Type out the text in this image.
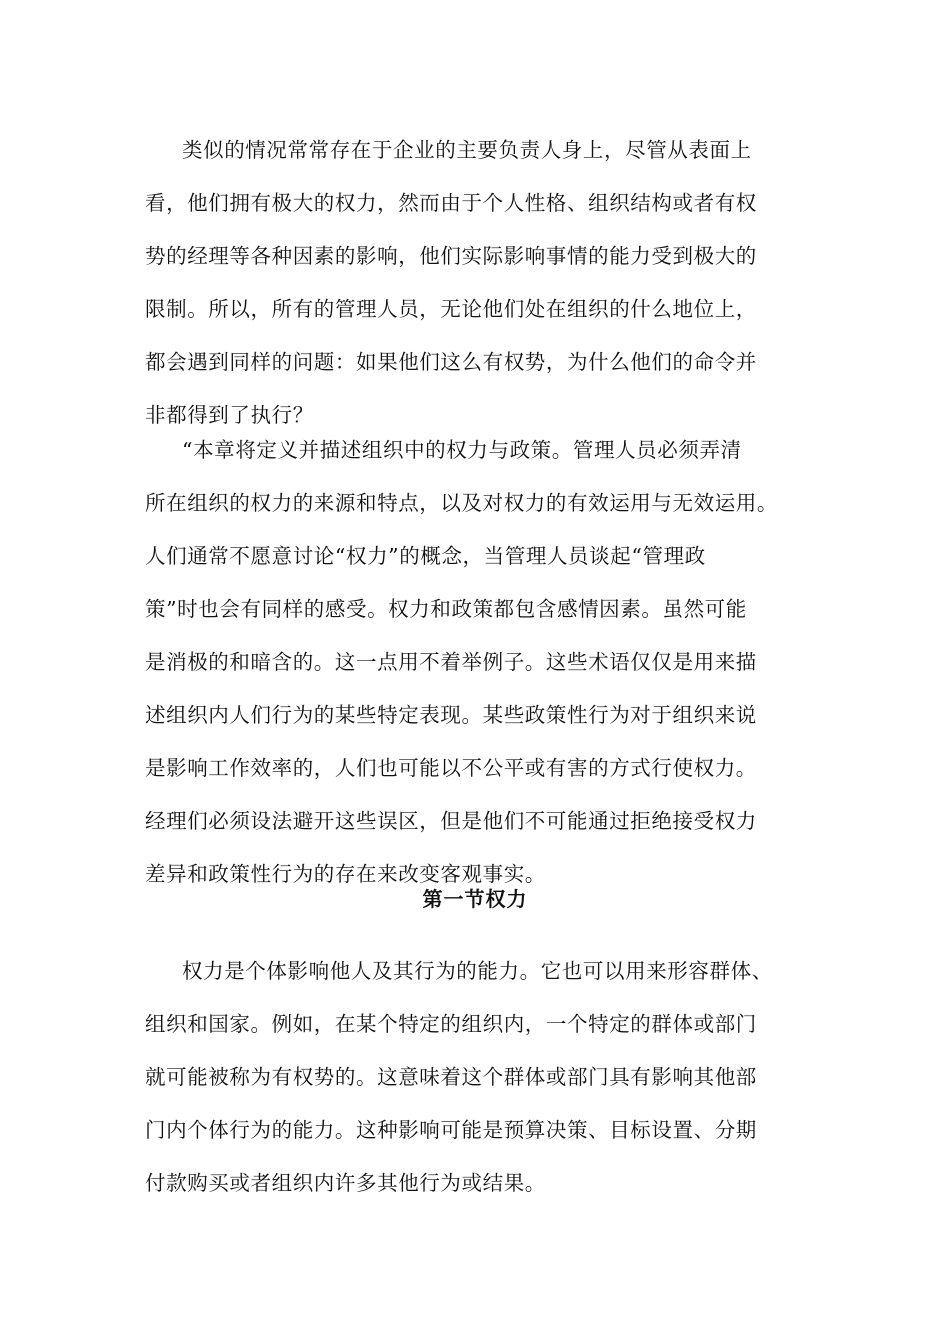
类似的情况常常存在于企业的主要负责人身上，尽管从表面上
看，他们拥有极大的权力，然而由于个人性格、组织结构或者有权
势的经理等各种因素的影响，他们实际影响事情的能力受到极大的
限制。所以，所有的管理人员，无论他们处在组织的什么地位上，
都会遇到同样的问题：如果他们这么有权势，为什么他们的命令并
非都得到了执行？
“本章将定义并描述组织中的权力与政策。管理人员必须弄清
所在组织的权力的来源和特点，以及对权力的有效运用与无效运用。
人们通常不愿意讨论“权力”的概念，当管理人员谈起“管理政
策”时也会有同样的感受。权力和政策都包含感情因素。虽然可能
是消极的和暗含的。这一点用不着举例子。这些术语仅仅是用来描
述组织内人们行为的某些特定表现。某些政策性行为对于组织来说
是影响工作效率的，人们也可能以不公平或有害的方式行使权力。
经理们必须设法避开这些误区，但是他们不可能通过拒绝接受权力
差异和政策性行为的存在来改变客观事实。
第一节权力
权力是个体影响他人及其行为的能力。它也可以用来形容群体、
组织和国家。例如，在某个特定的组织内，一个特定的群体或部门
就可能被称为有权势的。这意味着这个群体或部门具有影响其他部
门内个体行为的能力。这种影响可能是预算决策、目标设置、分期
付款购买或者组织内许多其他行为或结果。
